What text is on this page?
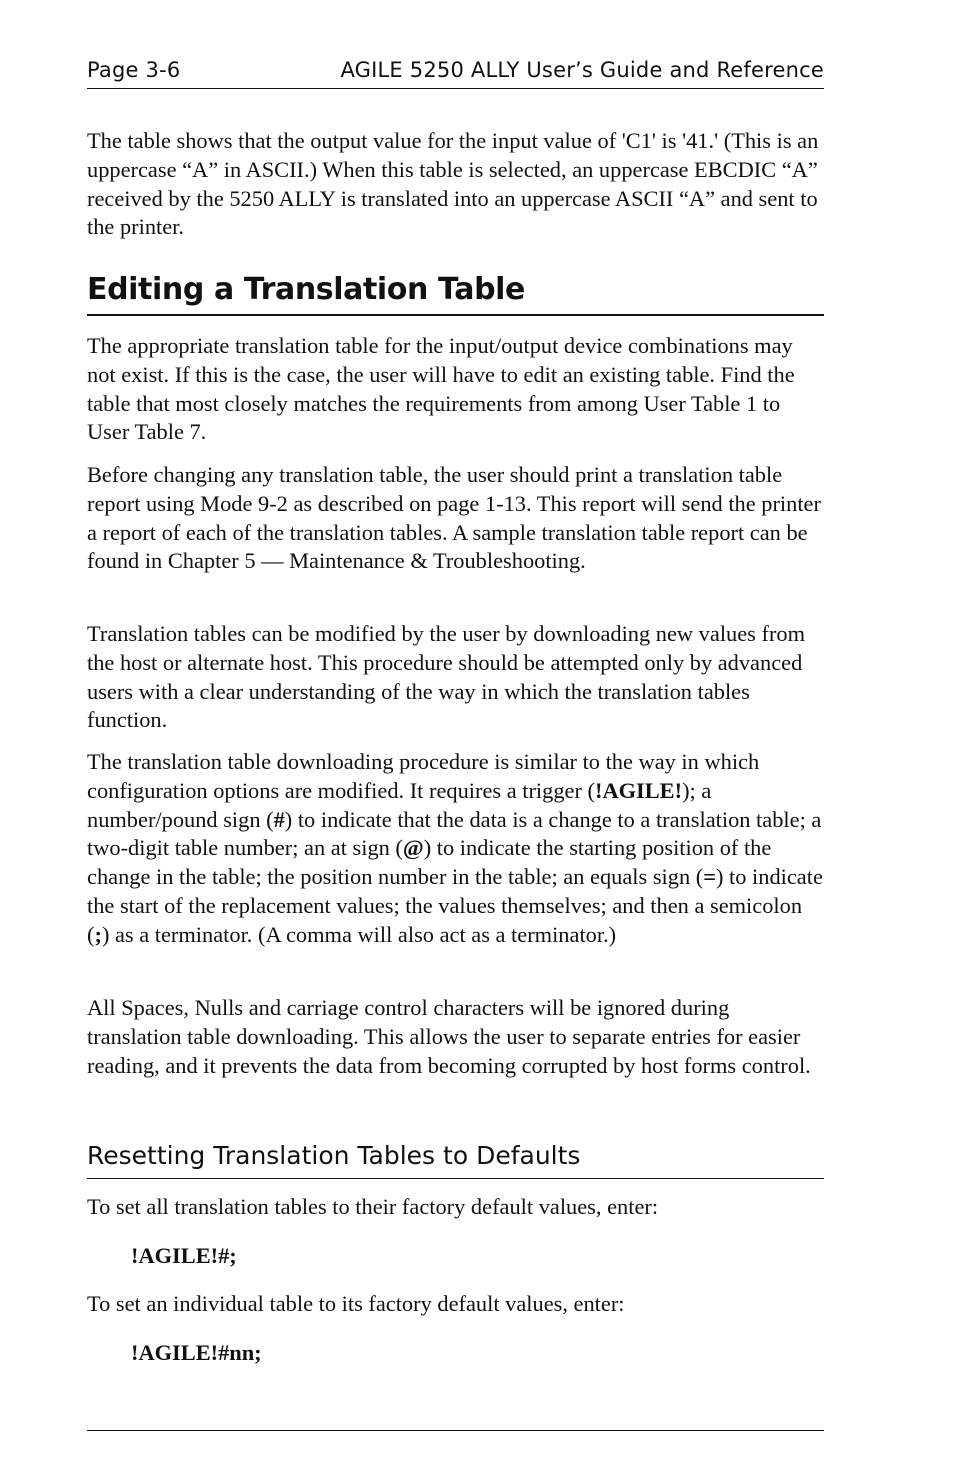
Page 3-6	AGILE 5250 ALLY User’s Guide and Reference

The table shows that the output value for the input value of 'C1' is '41.' (This is an uppercase “A” in ASCII.) When this table is selected, an uppercase EBCDIC “A” received by the 5250 ALLY is translated into an uppercase ASCII “A” and sent to the printer.

Editing a Translation Table

The appropriate translation table for the input/output device combinations may not exist. If this is the case, the user will have to edit an existing table. Find the table that most closely matches the requirements from among User Table 1 to User Table 7.

Before changing any translation table, the user should print a translation table report using Mode 9-2 as described on page 1-13. This report will send the printer a report of each of the translation tables. A sample translation table report can be found in Chapter 5 — Maintenance & Troubleshooting.

Translation tables can be modified by the user by downloading new values from the host or alternate host. This procedure should be attempted only by advanced users with a clear understanding of the way in which the translation tables function.

The translation table downloading procedure is similar to the way in which configuration options are modified. It requires a trigger (!AGILE!); a number/pound sign (#) to indicate that the data is a change to a translation table; a two-digit table number; an at sign (@) to indicate the starting position of the change in the table; the position number in the table; an equals sign (=) to indicate the start of the replacement values; the values themselves; and then a semicolon (;) as a terminator. (A comma will also act as a terminator.)

All Spaces, Nulls and carriage control characters will be ignored during translation table downloading. This allows the user to separate entries for easier reading, and it prevents the data from becoming corrupted by host forms control.

Resetting Translation Tables to Defaults

To set all translation tables to their factory default values, enter:

!AGILE!#;

To set an individual table to its factory default values, enter:

!AGILE!#nn;
